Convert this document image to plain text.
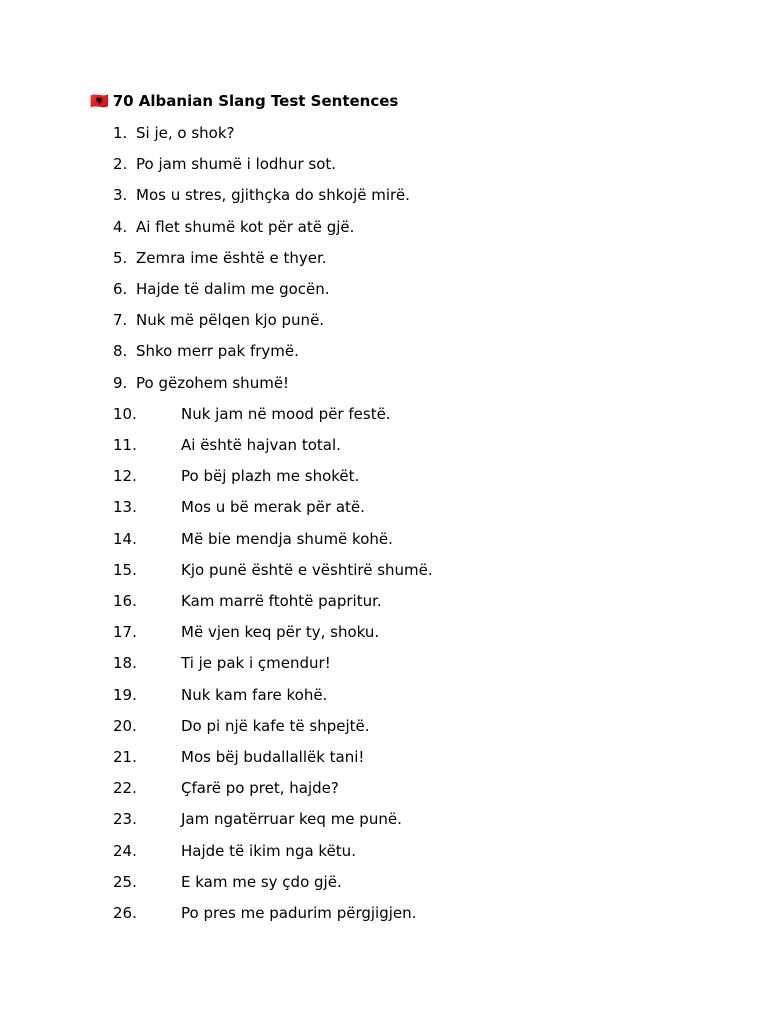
🇦🇱 70 Albanian Slang Test Sentences
1. Si je, o shok?
2. Po jam shumë i lodhur sot.
3. Mos u stres, gjithçka do shkojë mirë.
4. Ai flet shumë kot për atë gjë.
5. Zemra ime është e thyer.
6. Hajde të dalim me gocën.
7. Nuk më pëlqen kjo punë.
8. Shko merr pak frymë.
9. Po gëzohem shumë!
10.	Nuk jam në mood për festë.
11.	Ai është hajvan total.
12.	Po bëj plazh me shokët.
13.	Mos u bë merak për atë.
14.	Më bie mendja shumë kohë.
15.	Kjo punë është e vështirë shumë.
16.	Kam marrë ftohtë papritur.
17.	Më vjen keq për ty, shoku.
18.	Ti je pak i çmendur!
19.	Nuk kam fare kohë.
20.	Do pi një kafe të shpejtë.
21.	Mos bëj budallallëk tani!
22.	Çfarë po pret, hajde?
23.	Jam ngatërruar keq me punë.
24.	Hajde të ikim nga këtu.
25.	E kam me sy çdo gjë.
26.	Po pres me padurim përgjigjen.
